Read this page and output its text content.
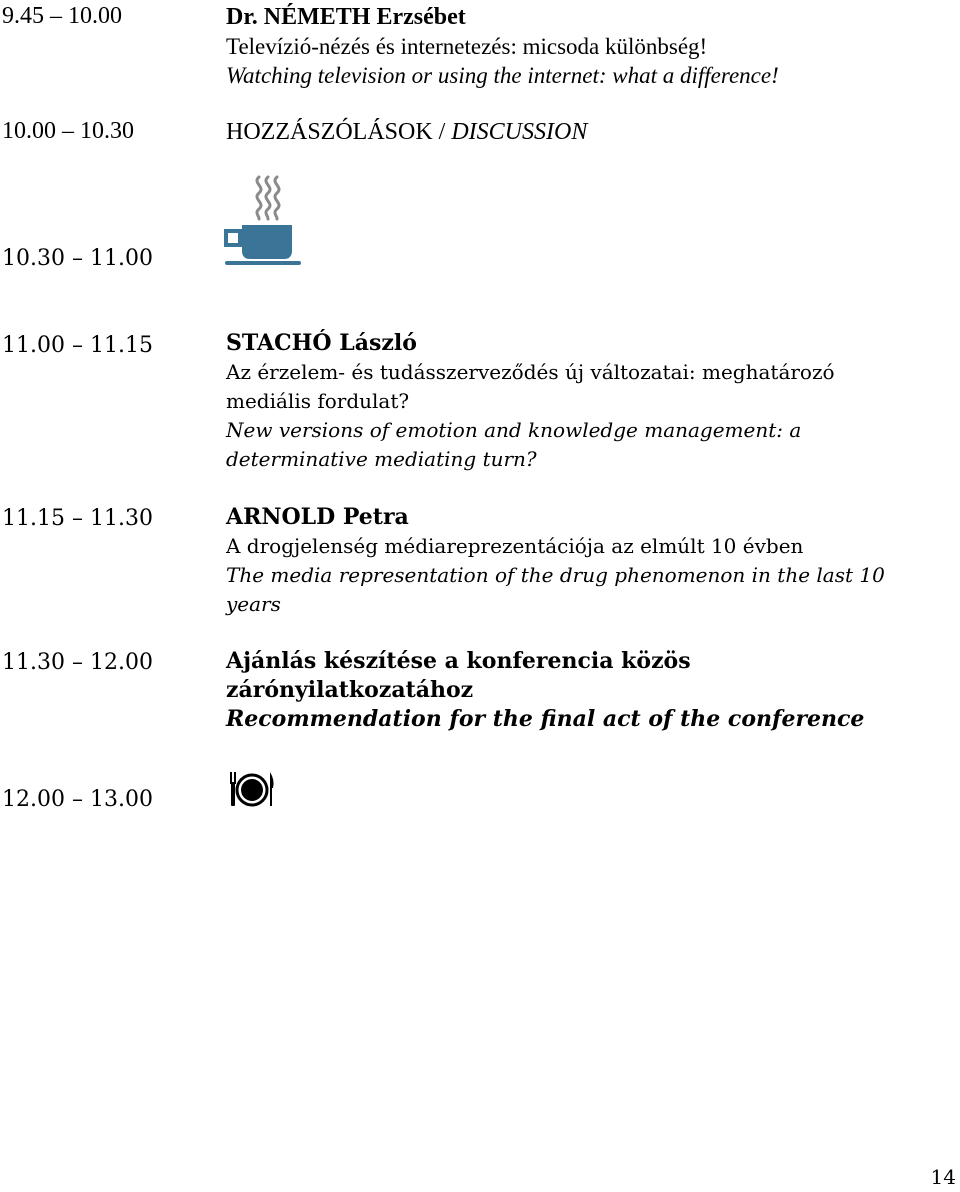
9.45 – 10.00	Dr. NÉMETH Erzsébet
Televízió-nézés és internetezés: micsoda különbség!
Watching television or using the internet: what a difference!
10.00 – 10.30	HOZZÁSZÓLÁSOK / DISCUSSION
10.30 – 11.00
11.00 – 11.15	STACHÓ László
Az érzelem- és tudásszerveződés új változatai: meghatározó
mediális fordulat?
New versions of emotion and knowledge management: a
determinative mediating turn?
11.15 – 11.30	ARNOLD Petra
A drogjelenség médiareprezentációja az elmúlt 10 évben
The media representation of the drug phenomenon in the last 10
years
11.30 – 12.00	Ajánlás készítése a konferencia közös
zárónyilatkozatához
Recommendation for the final act of the conference
12.00 – 13.00
14
